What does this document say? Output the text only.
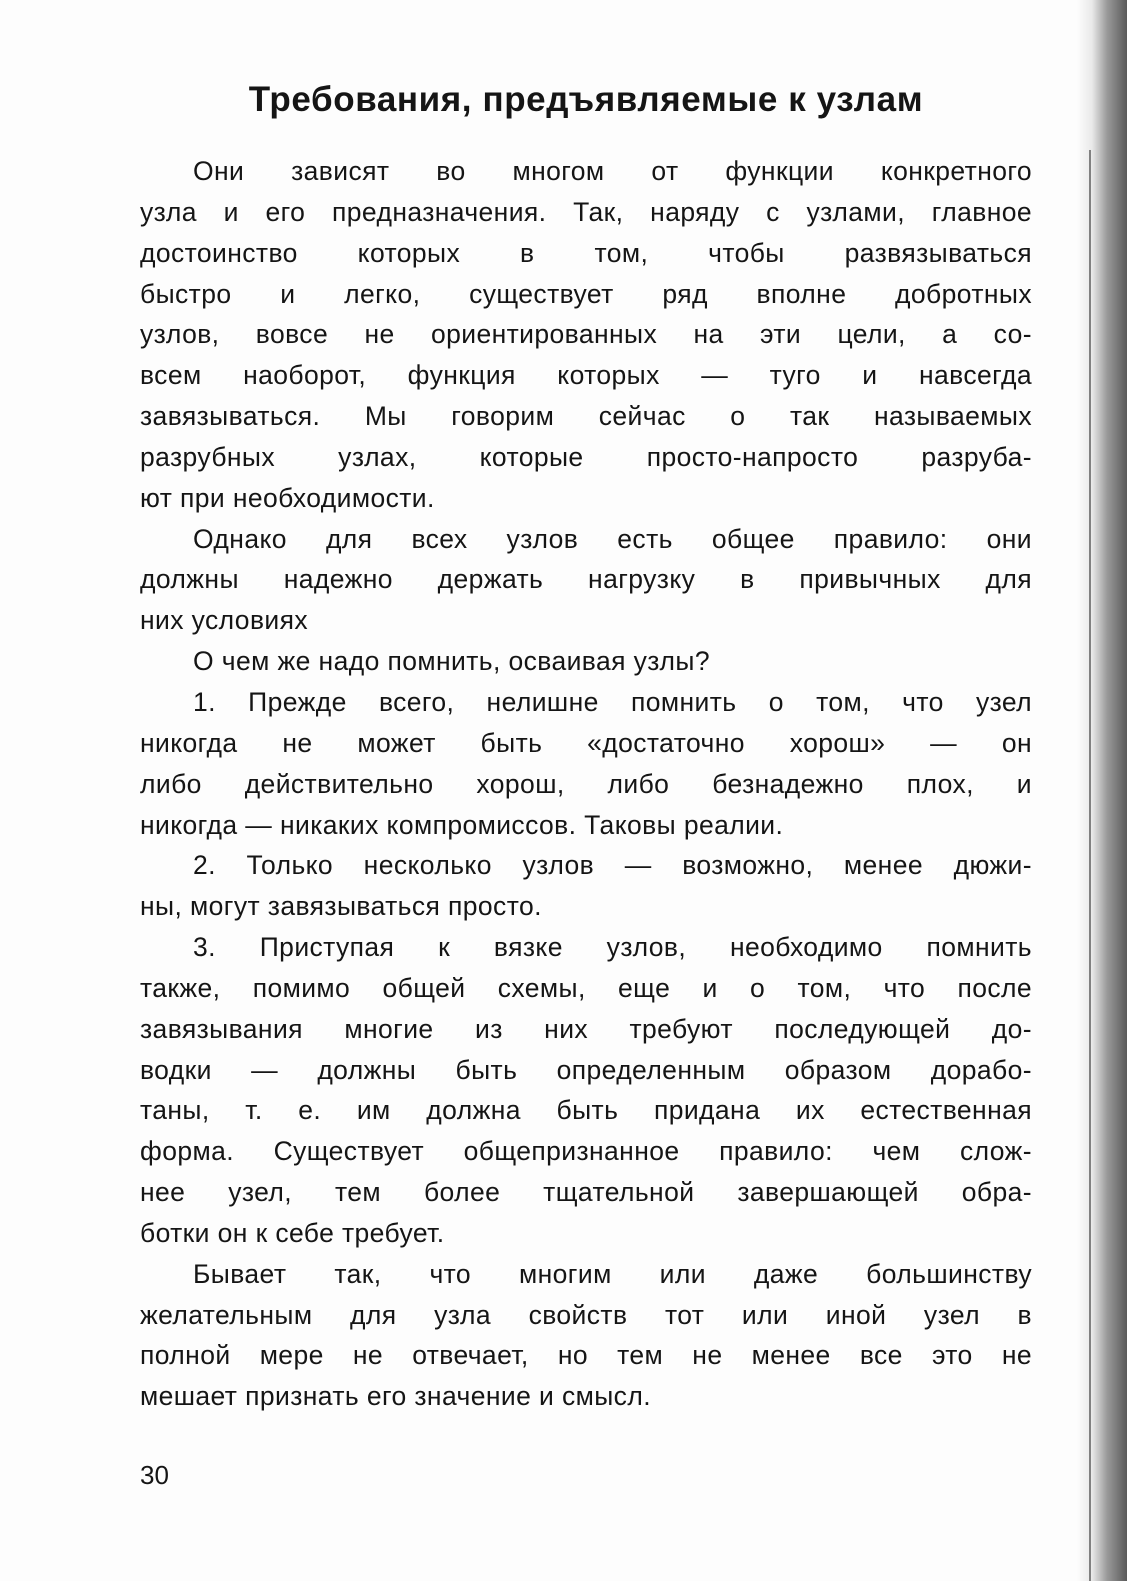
Требования, предъявляемые к узлам
Они зависят во многом от функции конкретного
узла и его предназначения. Так, наряду с узлами, главное
достоинство которых в том, чтобы развязываться
быстро и легко, существует ряд вполне добротных
узлов, вовсе не ориентированных на эти цели, а со-
всем наоборот, функция которых — туго и навсегда
завязываться. Мы говорим сейчас о так называемых
разрубных узлах, которые просто-напросто разруба-
ют при необходимости.
Однако для всех узлов есть общее правило: они
должны надежно держать нагрузку в привычных для
них условиях
О чем же надо помнить, осваивая узлы?
1. Прежде всего, нелишне помнить о том, что узел
никогда не может быть «достаточно хорош» — он
либо действительно хорош, либо безнадежно плох, и
никогда — никаких компромиссов. Таковы реалии.
2. Только несколько узлов — возможно, менее дюжи-
ны, могут завязываться просто.
3. Приступая к вязке узлов, необходимо помнить
также, помимо общей схемы, еще и о том, что после
завязывания многие из них требуют последующей до-
водки — должны быть определенным образом дорабо-
таны, т. е. им должна быть придана их естественная
форма. Существует общепризнанное правило: чем слож-
нее узел, тем более тщательной завершающей обра-
ботки он к себе требует.
Бывает так, что многим или даже большинству
желательным для узла свойств тот или иной узел в
полной мере не отвечает, но тем не менее все это не
мешает признать его значение и смысл.
30
